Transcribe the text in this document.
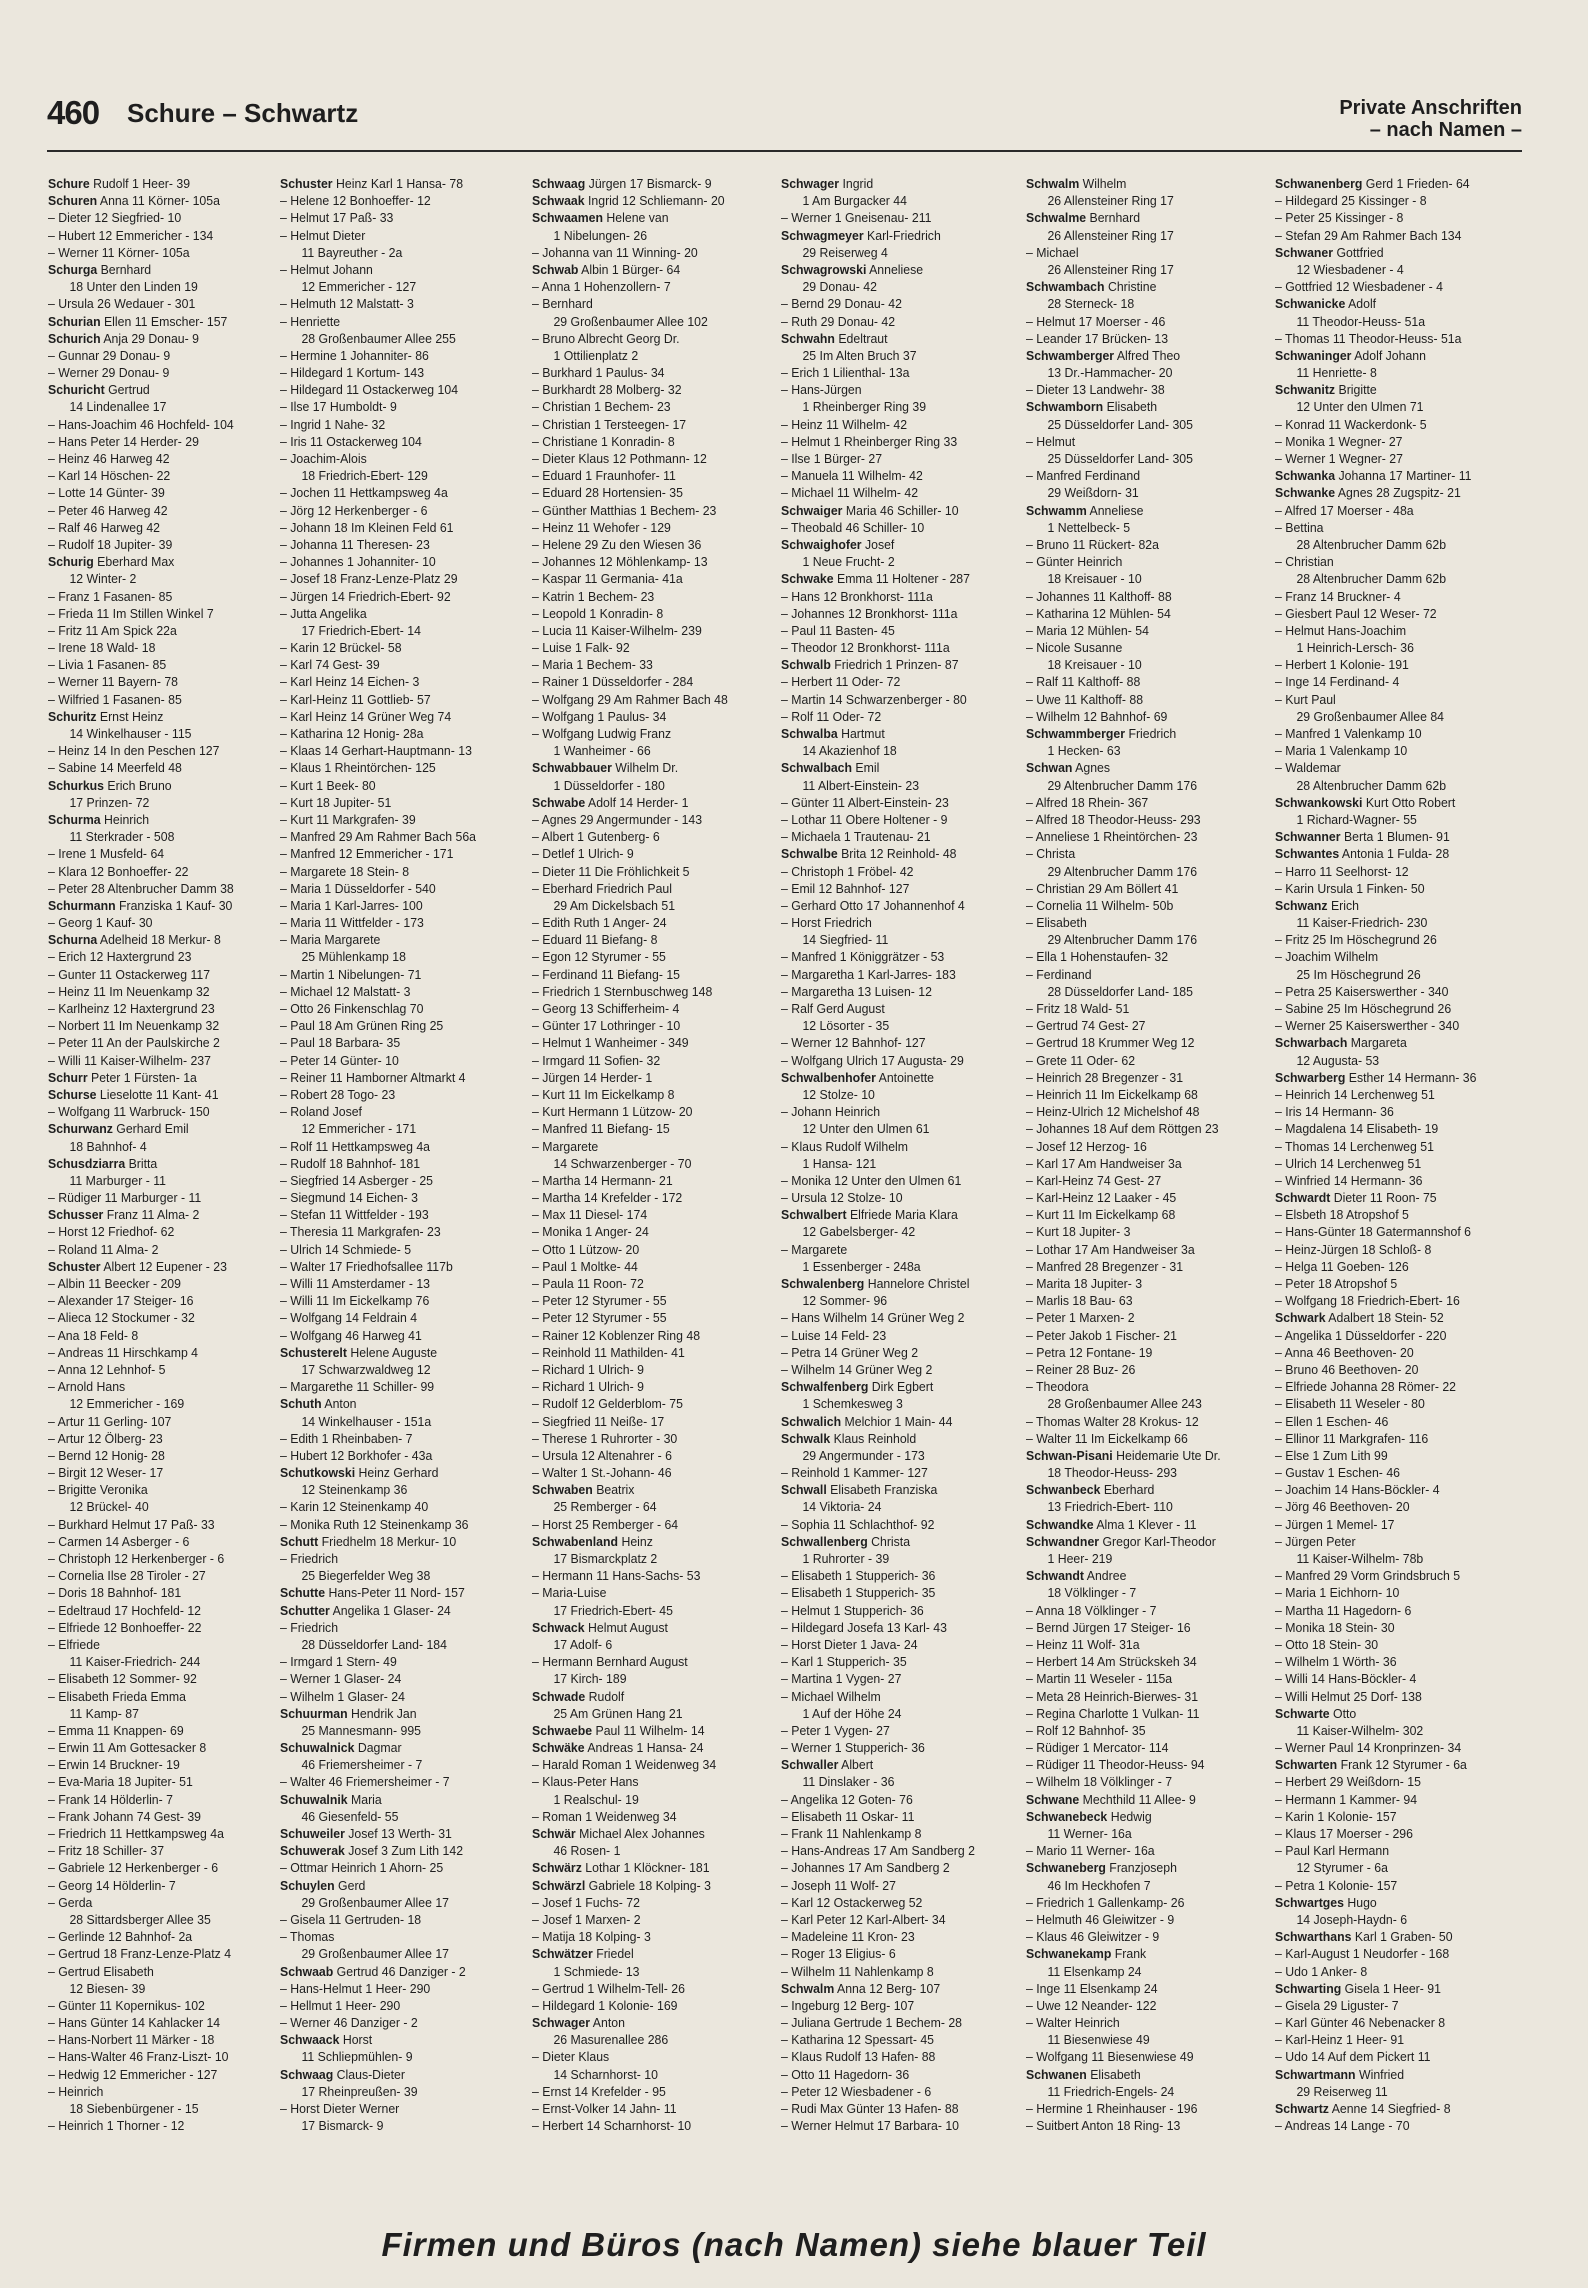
460 Schure – Schwartz	Private Anschriften
– nach Namen –
Schure Rudolf 1 Heer- 39
Schuren Anna 11 Körner- 105a
– Dieter 12 Siegfried- 10
– Hubert 12 Emmericher - 134
– Werner 11 Körner- 105a
Schurga Bernhard
18 Unter den Linden 19
– Ursula 26 Wedauer - 301
Schurian Ellen 11 Emscher- 157
Schurich Anja 29 Donau- 9
– Gunnar 29 Donau- 9
– Werner 29 Donau- 9
Schuricht Gertrud
14 Lindenallee 17
– Hans-Joachim 46 Hochfeld- 104
– Hans Peter 14 Herder- 29
– Heinz 46 Harweg 42
– Karl 14 Höschen- 22
– Lotte 14 Günter- 39
– Peter 46 Harweg 42
– Ralf 46 Harweg 42
– Rudolf 18 Jupiter- 39
Schurig Eberhard Max
12 Winter- 2
– Franz 1 Fasanen- 85
– Frieda 11 Im Stillen Winkel 7
– Fritz 11 Am Spick 22a
– Irene 18 Wald- 18
– Livia 1 Fasanen- 85
– Werner 11 Bayern- 78
– Wilfried 1 Fasanen- 85
Schuritz Ernst Heinz
14 Winkelhauser - 115
– Heinz 14 In den Peschen 127
– Sabine 14 Meerfeld 48
Schurkus Erich Bruno
17 Prinzen- 72
Schurma Heinrich
11 Sterkrader - 508
– Irene 1 Musfeld- 64
– Klara 12 Bonhoeffer- 22
– Peter 28 Altenbrucher Damm 38
Schurmann Franziska 1 Kauf- 30
– Georg 1 Kauf- 30
Schurna Adelheid 18 Merkur- 8
– Erich 12 Haxtergrund 23
– Gunter 11 Ostackerweg 117
– Heinz 11 Im Neuenkamp 32
– Karlheinz 12 Haxtergrund 23
– Norbert 11 Im Neuenkamp 32
– Peter 11 An der Paulskirche 2
– Willi 11 Kaiser-Wilhelm- 237
Schurr Peter 1 Fürsten- 1a
Schurse Lieselotte 11 Kant- 41
– Wolfgang 11 Warbruck- 150
Schurwanz Gerhard Emil
18 Bahnhof- 4
Schusdziarra Britta
11 Marburger - 11
– Rüdiger 11 Marburger - 11
Schusser Franz 11 Alma- 2
– Horst 12 Friedhof- 62
– Roland 11 Alma- 2
Schuster Albert 12 Eupener - 23
– Albin 11 Beecker - 209
– Alexander 17 Steiger- 16
– Aliecа 12 Stockumer - 32
– Ana 18 Feld- 8
– Andreas 11 Hirschkamp 4
– Anna 12 Lehnhof- 5
– Arnold Hans
12 Emmericher - 169
– Artur 11 Gerling- 107
– Artur 12 Ölberg- 23
– Bernd 12 Honig- 28
– Birgit 12 Weser- 17
– Brigitte Veronika
12 Brückel- 40
– Burkhard Helmut 17 Paß- 33
– Carmen 14 Asberger - 6
– Christoph 12 Herkenberger - 6
– Cornelia Ilse 28 Tiroler - 27
– Doris 18 Bahnhof- 181
– Edeltraud 17 Hochfeld- 12
– Elfriede 12 Bonhoeffer- 22
– Elfriede
11 Kaiser-Friedrich- 244
– Elisabeth 12 Sommer- 92
– Elisabeth Frieda Emma
11 Kamp- 87
– Emma 11 Knappen- 69
– Erwin 11 Am Gottesacker 8
– Erwin 14 Bruckner- 19
– Eva-Maria 18 Jupiter- 51
– Frank 14 Hölderlin- 7
– Frank Johann 74 Gest- 39
– Friedrich 11 Hettkampsweg 4a
– Fritz 18 Schiller- 37
– Gabriele 12 Herkenberger - 6
– Georg 14 Hölderlin- 7
– Gerda
28 Sittardsberger Allee 35
– Gerlinde 12 Bahnhof- 2a
– Gertrud 18 Franz-Lenze-Platz 4
– Gertrud Elisabeth
12 Biesen- 39
– Günter 11 Kopernikus- 102
– Hans Günter 14 Kahlacker 14
– Hans-Norbert 11 Märker - 18
– Hans-Walter 46 Franz-Liszt- 10
– Hedwig 12 Emmericher - 127
– Heinrich
18 Siebenbürgener - 15
– Heinrich 1 Thorner - 12
Schuster Heinz Karl 1 Hansa- 78
– Helene 12 Bonhoeffer- 12
– Helmut 17 Paß- 33
– Helmut Dieter
11 Bayreuther - 2a
– Helmut Johann
12 Emmericher - 127
– Helmuth 12 Malstatt- 3
– Henriette
28 Großenbaumer Allee 255
– Hermine 1 Johanniter- 86
– Hildegard 1 Kortum- 143
– Hildegard 11 Ostackerweg 104
– Ilse 17 Humboldt- 9
– Ingrid 1 Nahe- 32
– Iris 11 Ostackerweg 104
– Joachim-Alois
18 Friedrich-Ebert- 129
– Jochen 11 Hettkampsweg 4a
– Jörg 12 Herkenberger - 6
– Johann 18 Im Kleinen Feld 61
– Johanna 11 Theresen- 23
– Johannes 1 Johanniter- 10
– Josef 18 Franz-Lenze-Platz 29
– Jürgen 14 Friedrich-Ebert- 92
– Jutta Angelika
17 Friedrich-Ebert- 14
– Karin 12 Brückel- 58
– Karl 74 Gest- 39
– Karl Heinz 14 Eichen- 3
– Karl-Heinz 11 Gottlieb- 57
– Karl Heinz 14 Grüner Weg 74
– Katharina 12 Honig- 28a
– Klaas 14 Gerhart-Hauptmann- 13
– Klaus 1 Rheintörchen- 125
– Kurt 1 Beek- 80
– Kurt 18 Jupiter- 51
– Kurt 11 Markgrafen- 39
– Manfred 29 Am Rahmer Bach 56a
– Manfred 12 Emmericher - 171
– Margarete 18 Stein- 8
– Maria 1 Düsseldorfer - 540
– Maria 1 Karl-Jarres- 100
– Maria 11 Wittfelder - 173
– Maria Margarete
25 Mühlenkamp 18
– Martin 1 Nibelungen- 71
– Michael 12 Malstatt- 3
– Otto 26 Finkenschlag 70
– Paul 18 Am Grünen Ring 25
– Paul 18 Barbara- 35
– Peter 14 Günter- 10
– Reiner 11 Hamborner Altmarkt 4
– Robert 28 Togo- 23
– Roland Josef
12 Emmericher - 171
– Rolf 11 Hettkampsweg 4a
– Rudolf 18 Bahnhof- 181
– Siegfried 14 Asberger - 25
– Siegmund 14 Eichen- 3
– Stefan 11 Wittfelder - 193
– Theresia 11 Markgrafen- 23
– Ulrich 14 Schmiede- 5
– Walter 17 Friedhofsallee 117b
– Willi 11 Amsterdamer - 13
– Willi 11 Im Eickelkamp 76
– Wolfgang 14 Feldrain 4
– Wolfgang 46 Harweg 41
Schusterelt Helene Auguste
17 Schwarzwaldweg 12
– Margarethe 11 Schiller- 99
Schuth Anton
14 Winkelhauser - 151a
– Edith 1 Rheinbaben- 7
– Hubert 12 Borkhofer - 43a
Schutkowski Heinz Gerhard
12 Steinenkamp 36
– Karin 12 Steinenkamp 40
– Monika Ruth 12 Steinenkamp 36
Schutt Friedhelm 18 Merkur- 10
– Friedrich
25 Biegerfelder Weg 38
Schutte Hans-Peter 11 Nord- 157
Schutter Angelika 1 Glaser- 24
– Friedrich
28 Düsseldorfer Land- 184
– Irmgard 1 Stern- 49
– Werner 1 Glaser- 24
– Wilhelm 1 Glaser- 24
Schuurman Hendrik Jan
25 Mannesmann- 995
Schuwalnick Dagmar
46 Friemersheimer - 7
– Walter 46 Friemersheimer - 7
Schuwalnik Maria
46 Giesenfeld- 55
Schuweiler Josef 13 Werth- 31
Schuwerak Josef 3 Zum Lith 142
– Ottmar Heinrich 1 Ahorn- 25
Schuylen Gerd
29 Großenbaumer Allee 17
– Gisela 11 Gertruden- 18
– Thomas
29 Großenbaumer Allee 17
Schwaab Gertrud 46 Danziger - 2
– Hans-Helmut 1 Heer- 290
– Hellmut 1 Heer- 290
– Werner 46 Danziger - 2
Schwaack Horst
11 Schliepmühlen- 9
Schwaag Claus-Dieter
17 Rheinpreußen- 39
– Horst Dieter Werner
17 Bismarck- 9
Schwaag Jürgen 17 Bismarck- 9
Schwaak Ingrid 12 Schliemann- 20
Schwaamen Helene van
1 Nibelungen- 26
– Johanna van 11 Winning- 20
Schwab Albin 1 Bürger- 64
– Anna 1 Hohenzollern- 7
– Bernhard
29 Großenbaumer Allee 102
– Bruno Albrecht Georg Dr.
1 Ottilienplatz 2
– Burkhard 1 Paulus- 34
– Burkhardt 28 Molberg- 32
– Christian 1 Bechem- 23
– Christian 1 Tersteegen- 17
– Christiane 1 Konradin- 8
– Dieter Klaus 12 Pothmann- 12
– Eduard 1 Fraunhofer- 11
– Eduard 28 Hortensien- 35
– Günther Matthias 1 Bechem- 23
– Heinz 11 Wehofer - 129
– Helene 29 Zu den Wiesen 36
– Johannes 12 Möhlenkamp- 13
– Kaspar 11 Germania- 41a
– Katrin 1 Bechem- 23
– Leopold 1 Konradin- 8
– Lucia 11 Kaiser-Wilhelm- 239
– Luise 1 Falk- 92
– Maria 1 Bechem- 33
– Rainer 1 Düsseldorfer - 284
– Wolfgang 29 Am Rahmer Bach 48
– Wolfgang 1 Paulus- 34
– Wolfgang Ludwig Franz
1 Wanheimer - 66
Schwabbauer Wilhelm Dr.
1 Düsseldorfer - 180
Schwabe Adolf 14 Herder- 1
– Agnes 29 Angermunder - 143
– Albert 1 Gutenberg- 6
– Detlef 1 Ulrich- 9
– Dieter 11 Die Fröhlichkeit 5
– Eberhard Friedrich Paul
29 Am Dickelsbach 51
– Edith Ruth 1 Anger- 24
– Eduard 11 Biefang- 8
– Egon 12 Styrumer - 55
– Ferdinand 11 Biefang- 15
– Friedrich 1 Sternbuschweg 148
– Georg 13 Schifferheim- 4
– Günter 17 Lothringer - 10
– Helmut 1 Wanheimer - 349
– Irmgard 11 Sofien- 32
– Jürgen 14 Herder- 1
– Kurt 11 Im Eickelkamp 8
– Kurt Hermann 1 Lützow- 20
– Manfred 11 Biefang- 15
– Margarete
14 Schwarzenberger - 70
– Martha 14 Hermann- 21
– Martha 14 Krefelder - 172
– Max 11 Diesel- 174
– Monika 1 Anger- 24
– Otto 1 Lützow- 20
– Paul 1 Moltke- 44
– Paula 11 Roon- 72
– Peter 12 Styrumer - 55
– Peter 12 Styrumer - 55
– Rainer 12 Koblenzer Ring 48
– Reinhold 11 Mathilden- 41
– Richard 1 Ulrich- 9
– Richard 1 Ulrich- 9
– Rudolf 12 Gelderblom- 75
– Siegfried 11 Neiße- 17
– Therese 1 Ruhrorter - 30
– Ursula 12 Altenahrer - 6
– Walter 1 St.-Johann- 46
Schwaben Beatrix
25 Remberger - 64
– Horst 25 Remberger - 64
Schwabenland Heinz
17 Bismarckplatz 2
– Hermann 11 Hans-Sachs- 53
– Maria-Luise
17 Friedrich-Ebert- 45
Schwack Helmut August
17 Adolf- 6
– Hermann Bernhard August
17 Kirch- 189
Schwade Rudolf
25 Am Grünen Hang 21
Schwaebe Paul 11 Wilhelm- 14
Schwäke Andreas 1 Hansa- 24
– Harald Roman 1 Weidenweg 34
– Klaus-Peter Hans
1 Realschul- 19
– Roman 1 Weidenweg 34
Schwär Michael Alex Johannes
46 Rosen- 1
Schwärz Lothar 1 Klöckner- 181
Schwärzl Gabriele 18 Kolping- 3
– Josef 1 Fuchs- 72
– Josef 1 Marxen- 2
– Matija 18 Kolping- 3
Schwätzer Friedel
1 Schmiede- 13
– Gertrud 1 Wilhelm-Tell- 26
– Hildegard 1 Kolonie- 169
Schwager Anton
26 Masurenallee 286
– Dieter Klaus
14 Scharnhorst- 10
– Ernst 14 Krefelder - 95
– Ernst-Volker 14 Jahn- 11
– Herbert 14 Scharnhorst- 10
Schwager Ingrid
1 Am Burgacker 44
– Werner 1 Gneisenau- 211
Schwagmeyer Karl-Friedrich
29 Reiserweg 4
Schwagrowski Anneliese
29 Donau- 42
– Bernd 29 Donau- 42
– Ruth 29 Donau- 42
Schwahn Edeltraut
25 Im Alten Bruch 37
– Erich 1 Lilienthal- 13a
– Hans-Jürgen
1 Rheinberger Ring 39
– Heinz 11 Wilhelm- 42
– Helmut 1 Rheinberger Ring 33
– Ilse 1 Bürger- 27
– Manuela 11 Wilhelm- 42
– Michael 11 Wilhelm- 42
Schwaiger Maria 46 Schiller- 10
– Theobald 46 Schiller- 10
Schwaighofer Josef
1 Neue Frucht- 2
Schwake Emma 11 Holtener - 287
– Hans 12 Bronkhorst- 111a
– Johannes 12 Bronkhorst- 111a
– Paul 11 Basten- 45
– Theodor 12 Bronkhorst- 111a
Schwalb Friedrich 1 Prinzen- 87
– Herbert 11 Oder- 72
– Martin 14 Schwarzenberger - 80
– Rolf 11 Oder- 72
Schwalba Hartmut
14 Akazienhof 18
Schwalbach Emil
11 Albert-Einstein- 23
– Günter 11 Albert-Einstein- 23
– Lothar 11 Obere Holtener - 9
– Michaela 1 Trautenau- 21
Schwalbe Brita 12 Reinhold- 48
– Christoph 1 Fröbel- 42
– Emil 12 Bahnhof- 127
– Gerhard Otto 17 Johannenhof 4
– Horst Friedrich
14 Siegfried- 11
– Manfred 1 Königgrätzer - 53
– Margaretha 1 Karl-Jarres- 183
– Margaretha 13 Luisen- 12
– Ralf Gerd August
12 Lösorter - 35
– Werner 12 Bahnhof- 127
– Wolfgang Ulrich 17 Augusta- 29
Schwalbenhofer Antoinette
12 Stolze- 10
– Johann Heinrich
12 Unter den Ulmen 61
– Klaus Rudolf Wilhelm
1 Hansa- 121
– Monika 12 Unter den Ulmen 61
– Ursula 12 Stolze- 10
Schwalbert Elfriede Maria Klara
12 Gabelsberger- 42
– Margarete
1 Essenberger - 248a
Schwalenberg Hannelore Christel
12 Sommer- 96
– Hans Wilhelm 14 Grüner Weg 2
– Luise 14 Feld- 23
– Petra 14 Grüner Weg 2
– Wilhelm 14 Grüner Weg 2
Schwalfenberg Dirk Egbert
1 Schemkesweg 3
Schwalich Melchior 1 Main- 44
Schwalk Klaus Reinhold
29 Angermunder - 173
– Reinhold 1 Kammer- 127
Schwall Elisabeth Franziska
14 Viktoria- 24
– Sophia 11 Schlachthof- 92
Schwallenberg Christa
1 Ruhrorter - 39
– Elisabeth 1 Stupperich- 36
– Elisabeth 1 Stupperich- 35
– Helmut 1 Stupperich- 36
– Hildegard Josefa 13 Karl- 43
– Horst Dieter 1 Java- 24
– Karl 1 Stupperich- 35
– Martina 1 Vygen- 27
– Michael Wilhelm
1 Auf der Höhe 24
– Peter 1 Vygen- 27
– Werner 1 Stupperich- 36
Schwaller Albert
11 Dinslaker - 36
– Angelika 12 Goten- 76
– Elisabeth 11 Oskar- 11
– Frank 11 Nahlenkamp 8
– Hans-Andreas 17 Am Sandberg 2
– Johannes 17 Am Sandberg 2
– Joseph 11 Wolf- 27
– Karl 12 Ostackerweg 52
– Karl Peter 12 Karl-Albert- 34
– Madeleine 11 Kron- 23
– Roger 13 Eligius- 6
– Wilhelm 11 Nahlenkamp 8
Schwalm Anna 12 Berg- 107
– Ingeburg 12 Berg- 107
– Juliana Gertrude 1 Bechem- 28
– Katharina 12 Spessart- 45
– Klaus Rudolf 13 Hafen- 88
– Otto 11 Hagedorn- 36
– Peter 12 Wiesbadener - 6
– Rudi Max Günter 13 Hafen- 88
– Werner Helmut 17 Barbara- 10
Schwalm Wilhelm
26 Allensteiner Ring 17
Schwalme Bernhard
26 Allensteiner Ring 17
– Michael
26 Allensteiner Ring 17
Schwambach Christine
28 Sterneck- 18
– Helmut 17 Moerser - 46
– Leander 17 Brücken- 13
Schwamberger Alfred Theo
13 Dr.-Hammacher- 20
– Dieter 13 Landwehr- 38
Schwamborn Elisabeth
25 Düsseldorfer Land- 305
– Helmut
25 Düsseldorfer Land- 305
– Manfred Ferdinand
29 Weißdorn- 31
Schwamm Anneliese
1 Nettelbeck- 5
– Bruno 11 Rückert- 82a
– Günter Heinrich
18 Kreisauer - 10
– Johannes 11 Kalthoff- 88
– Katharina 12 Mühlen- 54
– Maria 12 Mühlen- 54
– Nicole Susanne
18 Kreisauer - 10
– Ralf 11 Kalthoff- 88
– Uwe 11 Kalthoff- 88
– Wilhelm 12 Bahnhof- 69
Schwammberger Friedrich
1 Hecken- 63
Schwan Agnes
29 Altenbrucher Damm 176
– Alfred 18 Rhein- 367
– Alfred 18 Theodor-Heuss- 293
– Anneliese 1 Rheintörchen- 23
– Christa
29 Altenbrucher Damm 176
– Christian 29 Am Böllert 41
– Cornelia 11 Wilhelm- 50b
– Elisabeth
29 Altenbrucher Damm 176
– Ella 1 Hohenstaufen- 32
– Ferdinand
28 Düsseldorfer Land- 185
– Fritz 18 Wald- 51
– Gertrud 74 Gest- 27
– Gertrud 18 Krummer Weg 12
– Grete 11 Oder- 62
– Heinrich 28 Bregenzer - 31
– Heinrich 11 Im Eickelkamp 68
– Heinz-Ulrich 12 Michelshof 48
– Johannes 18 Auf dem Röttgen 23
– Josef 12 Herzog- 16
– Karl 17 Am Handweiser 3a
– Karl-Heinz 74 Gest- 27
– Karl-Heinz 12 Laaker - 45
– Kurt 11 Im Eickelkamp 68
– Kurt 18 Jupiter- 3
– Lothar 17 Am Handweiser 3a
– Manfred 28 Bregenzer - 31
– Marita 18 Jupiter- 3
– Marlis 18 Bau- 63
– Peter 1 Marxen- 2
– Peter Jakob 1 Fischer- 21
– Petra 12 Fontane- 19
– Reiner 28 Buz- 26
– Theodora
28 Großenbaumer Allee 243
– Thomas Walter 28 Krokus- 12
– Walter 11 Im Eickelkamp 66
Schwan-Pisani Heidemarie Ute Dr.
18 Theodor-Heuss- 293
Schwanbeck Eberhard
13 Friedrich-Ebert- 110
Schwandke Alma 1 Klever - 11
Schwandner Gregor Karl-Theodor
1 Heer- 219
Schwandt Andree
18 Völklinger - 7
– Anna 18 Völklinger - 7
– Bernd Jürgen 17 Steiger- 16
– Heinz 11 Wolf- 31a
– Herbert 14 Am Strückskeh 34
– Martin 11 Weseler - 115a
– Meta 28 Heinrich-Bierwes- 31
– Regina Charlotte 1 Vulkan- 11
– Rolf 12 Bahnhof- 35
– Rüdiger 1 Mercator- 114
– Rüdiger 11 Theodor-Heuss- 94
– Wilhelm 18 Völklinger - 7
Schwane Mechthild 11 Allee- 9
Schwanebeck Hedwig
11 Werner- 16a
– Mario 11 Werner- 16a
Schwaneberg Franzjoseph
46 Im Heckhofen 7
– Friedrich 1 Gallenkamp- 26
– Helmuth 46 Gleiwitzer - 9
– Klaus 46 Gleiwitzer - 9
Schwanekamp Frank
11 Elsenkamp 24
– Inge 11 Elsenkamp 24
– Uwe 12 Neander- 122
– Walter Heinrich
11 Biesenwiese 49
– Wolfgang 11 Biesenwiese 49
Schwanen Elisabeth
11 Friedrich-Engels- 24
– Hermine 1 Rheinhauser - 196
– Suitbert Anton 18 Ring- 13
Schwanenberg Gerd 1 Frieden- 64
– Hildegard 25 Kissinger - 8
– Peter 25 Kissinger - 8
– Stefan 29 Am Rahmer Bach 134
Schwaner Gottfried
12 Wiesbadener - 4
– Gottfried 12 Wiesbadener - 4
Schwanicke Adolf
11 Theodor-Heuss- 51a
– Thomas 11 Theodor-Heuss- 51a
Schwaninger Adolf Johann
11 Henriette- 8
Schwanitz Brigitte
12 Unter den Ulmen 71
– Konrad 11 Wackerdonk- 5
– Monika 1 Wegner- 27
– Werner 1 Wegner- 27
Schwanka Johanna 17 Martiner- 11
Schwanke Agnes 28 Zugspitz- 21
– Alfred 17 Moerser - 48a
– Bettina
28 Altenbrucher Damm 62b
– Christian
28 Altenbrucher Damm 62b
– Franz 14 Bruckner- 4
– Giesbert Paul 12 Weser- 72
– Helmut Hans-Joachim
1 Heinrich-Lersch- 36
– Herbert 1 Kolonie- 191
– Inge 14 Ferdinand- 4
– Kurt Paul
29 Großenbaumer Allee 84
– Manfred 1 Valenkamp 10
– Maria 1 Valenkamp 10
– Waldemar
28 Altenbrucher Damm 62b
Schwankowski Kurt Otto Robert
1 Richard-Wagner- 55
Schwanner Berta 1 Blumen- 91
Schwantes Antonia 1 Fulda- 28
– Harro 11 Seelhorst- 12
– Karin Ursula 1 Finken- 50
Schwanz Erich
11 Kaiser-Friedrich- 230
– Fritz 25 Im Höschegrund 26
– Joachim Wilhelm
25 Im Höschegrund 26
– Petra 25 Kaiserswerther - 340
– Sabine 25 Im Höschegrund 26
– Werner 25 Kaiserswerther - 340
Schwarbach Margareta
12 Augusta- 53
Schwarberg Esther 14 Hermann- 36
– Heinrich 14 Lerchenweg 51
– Iris 14 Hermann- 36
– Magdalena 14 Elisabeth- 19
– Thomas 14 Lerchenweg 51
– Ulrich 14 Lerchenweg 51
– Winfried 14 Hermann- 36
Schwardt Dieter 11 Roon- 75
– Elsbeth 18 Atropshof 5
– Hans-Günter 18 Gatermannshof 6
– Heinz-Jürgen 18 Schloß- 8
– Helga 11 Goeben- 126
– Peter 18 Atropshof 5
– Wolfgang 18 Friedrich-Ebert- 16
Schwark Adalbert 18 Stein- 52
– Angelika 1 Düsseldorfer - 220
– Anna 46 Beethoven- 20
– Bruno 46 Beethoven- 20
– Elfriede Johanna 28 Römer- 22
– Elisabeth 11 Weseler - 80
– Ellen 1 Eschen- 46
– Ellinor 11 Markgrafen- 116
– Else 1 Zum Lith 99
– Gustav 1 Eschen- 46
– Joachim 14 Hans-Böckler- 4
– Jörg 46 Beethoven- 20
– Jürgen 1 Memel- 17
– Jürgen Peter
11 Kaiser-Wilhelm- 78b
– Manfred 29 Vorm Grindsbruch 5
– Maria 1 Eichhorn- 10
– Martha 11 Hagedorn- 6
– Monika 18 Stein- 30
– Otto 18 Stein- 30
– Wilhelm 1 Wörth- 36
– Willi 14 Hans-Böckler- 4
– Willi Helmut 25 Dorf- 138
Schwarte Otto
11 Kaiser-Wilhelm- 302
– Werner Paul 14 Kronprinzen- 34
Schwarten Frank 12 Styrumer - 6a
– Herbert 29 Weißdorn- 15
– Hermann 1 Kammer- 94
– Karin 1 Kolonie- 157
– Klaus 17 Moerser - 296
– Paul Karl Hermann
12 Styrumer - 6a
– Petra 1 Kolonie- 157
Schwartges Hugo
14 Joseph-Haydn- 6
Schwarthans Karl 1 Graben- 50
– Karl-August 1 Neudorfer - 168
– Udo 1 Anker- 8
Schwarting Gisela 1 Heer- 91
– Gisela 29 Liguster- 7
– Karl Günter 46 Nebenacker 8
– Karl-Heinz 1 Heer- 91
– Udo 14 Auf dem Pickert 11
Schwartmann Winfried
29 Reiserweg 11
Schwartz Aenne 14 Siegfried- 8
– Andreas 14 Lange - 70
Firmen und Büros (nach Namen) siehe blauer Teil
